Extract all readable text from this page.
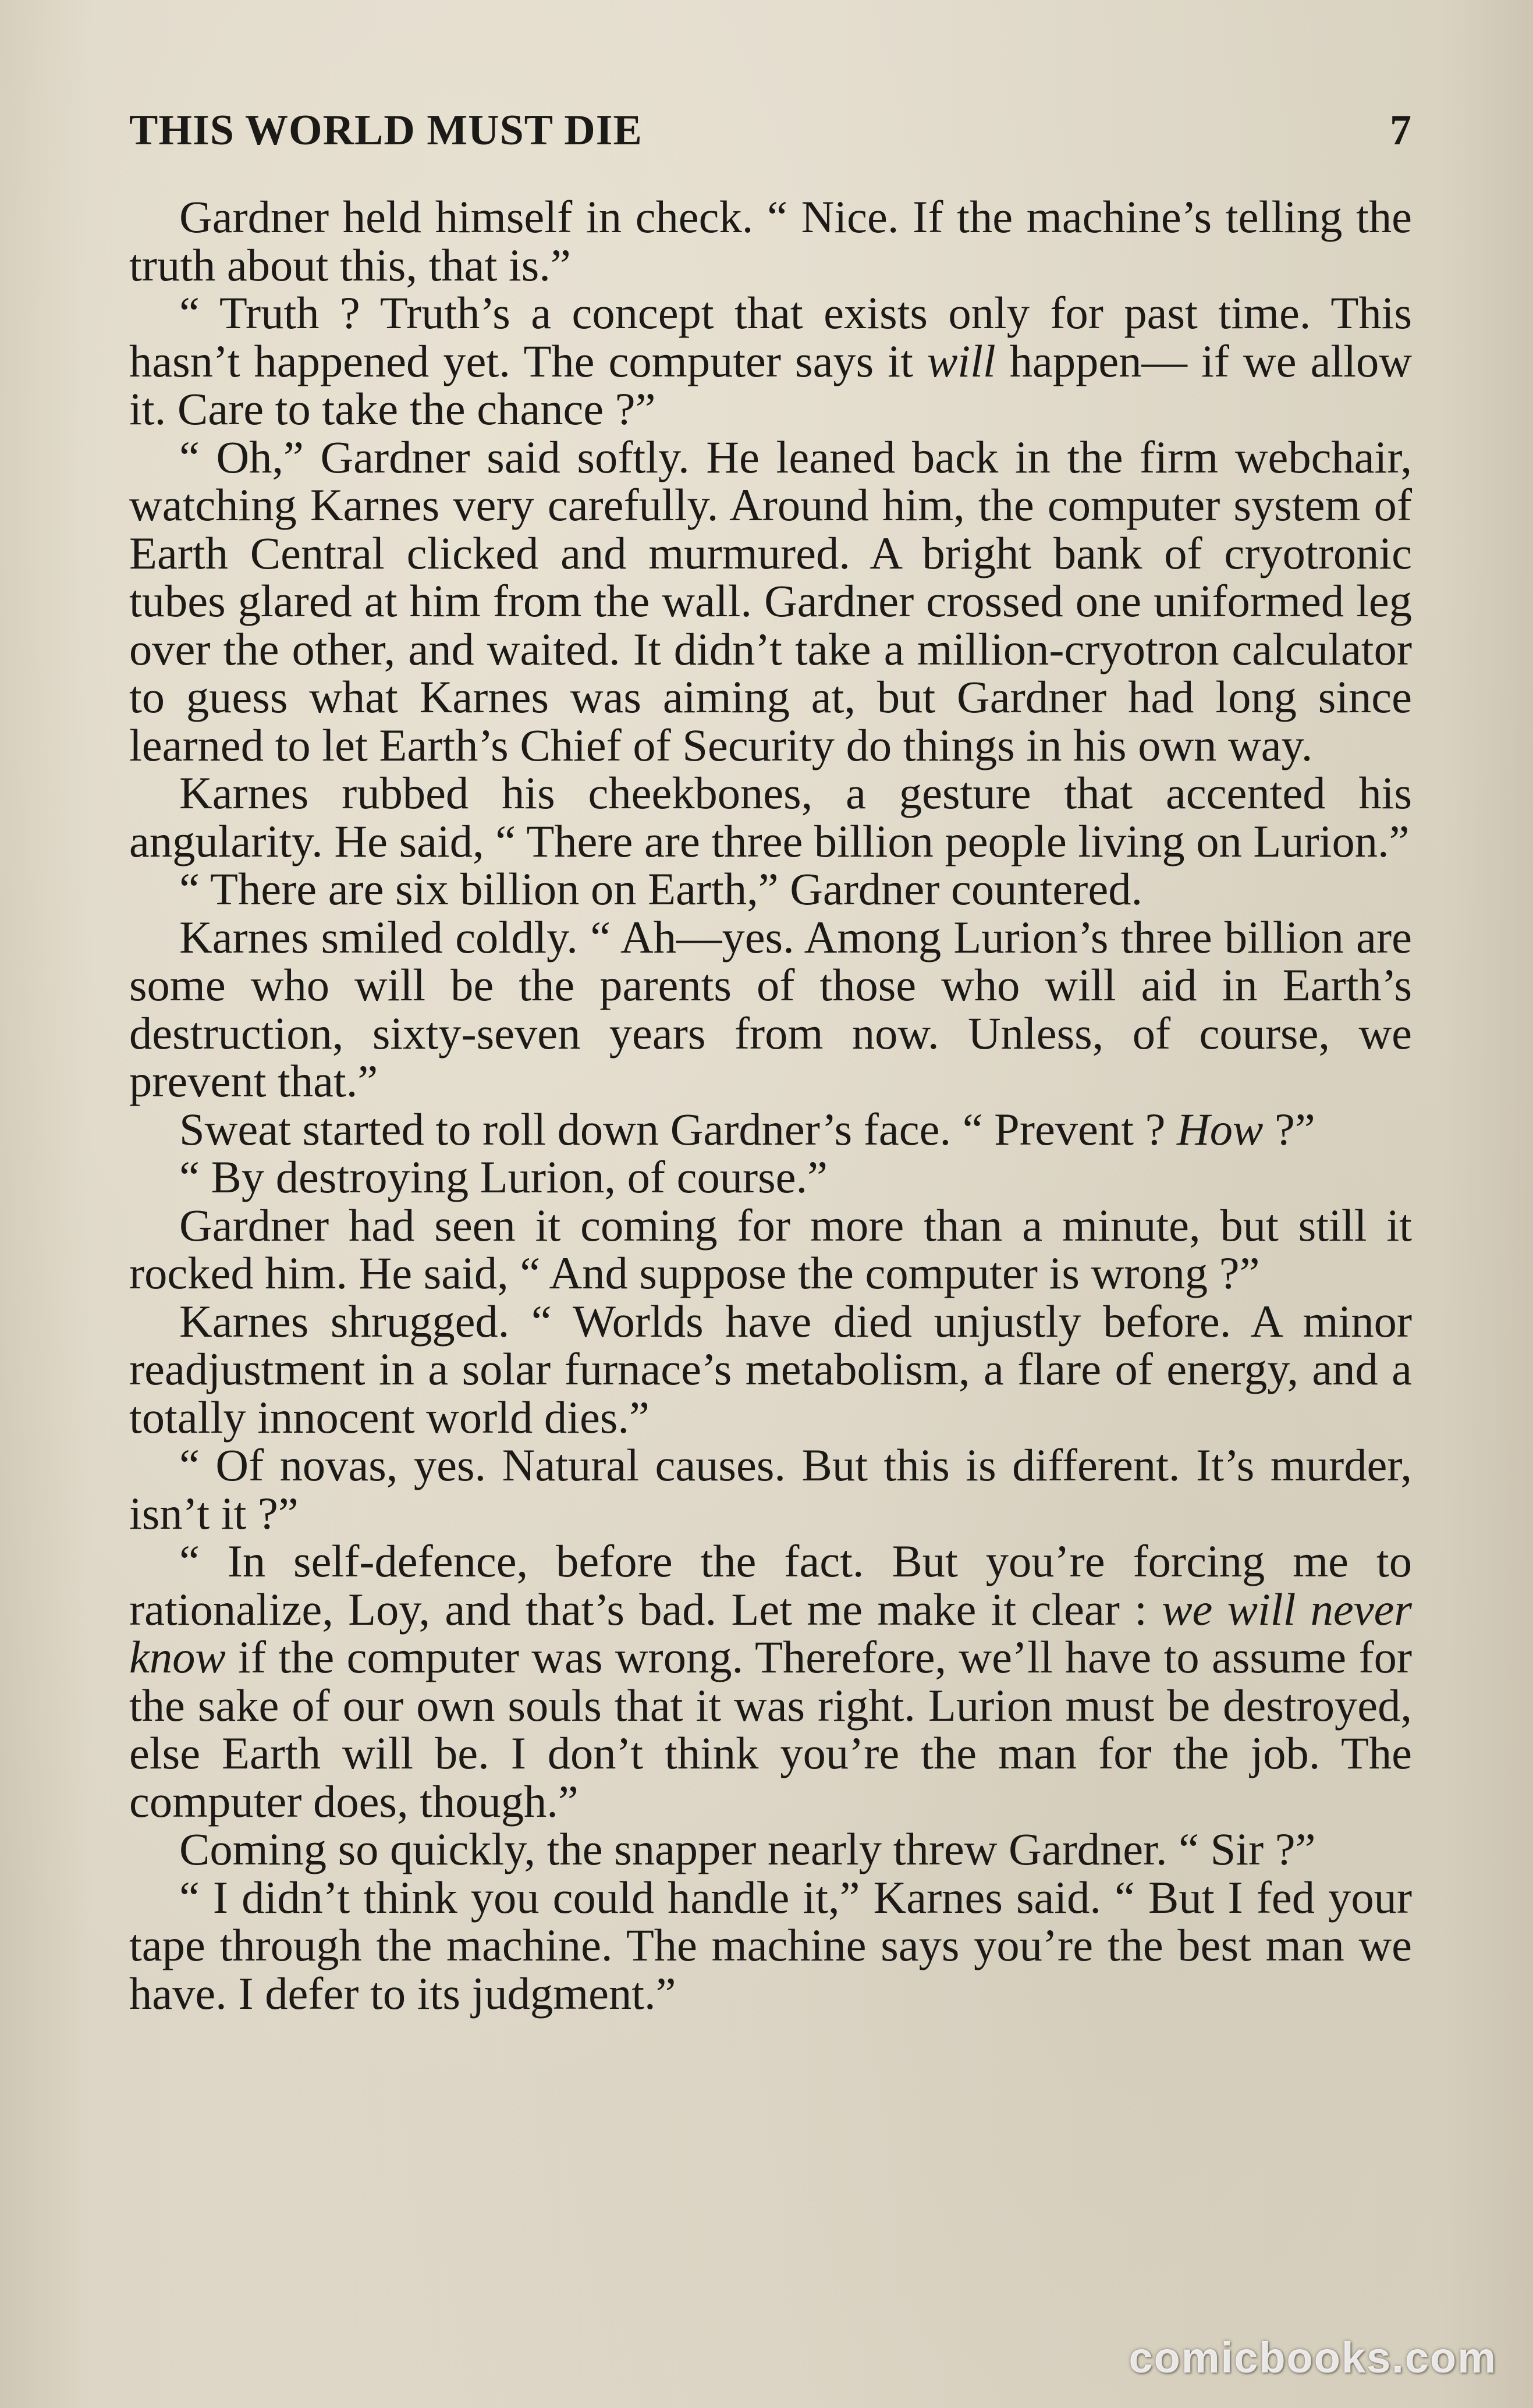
THIS WORLD MUST DIE	7

Gardner held himself in check. “ Nice. If the machine’s telling the truth about this, that is.”

“ Truth ? Truth’s a concept that exists only for past time. This hasn’t happened yet. The computer says it will happen— if we allow it. Care to take the chance ?”

“ Oh,” Gardner said softly. He leaned back in the firm webchair, watching Karnes very carefully. Around him, the computer system of Earth Central clicked and murmured. A bright bank of cryotronic tubes glared at him from the wall. Gardner crossed one uniformed leg over the other, and waited. It didn’t take a million-cryotron calculator to guess what Karnes was aiming at, but Gardner had long since learned to let Earth’s Chief of Security do things in his own way.

Karnes rubbed his cheekbones, a gesture that accented his angularity. He said, “ There are three billion people living on Lurion.”

“ There are six billion on Earth,” Gardner countered.

Karnes smiled coldly. “ Ah—yes. Among Lurion’s three billion are some who will be the parents of those who will aid in Earth’s destruction, sixty-seven years from now. Unless, of course, we prevent that.”

Sweat started to roll down Gardner’s face. “ Prevent ? How ?”

“ By destroying Lurion, of course.”

Gardner had seen it coming for more than a minute, but still it rocked him. He said, “ And suppose the computer is wrong ?”

Karnes shrugged. “ Worlds have died unjustly before. A minor readjustment in a solar furnace’s metabolism, a flare of energy, and a totally innocent world dies.”

“ Of novas, yes. Natural causes. But this is different. It’s murder, isn’t it ?”

“ In self-defence, before the fact. But you’re forcing me to rationalize, Loy, and that’s bad. Let me make it clear : we will never know if the computer was wrong. Therefore, we’ll have to assume for the sake of our own souls that it was right. Lurion must be destroyed, else Earth will be. I don’t think you’re the man for the job. The computer does, though.”

Coming so quickly, the snapper nearly threw Gardner. “ Sir ?”

“ I didn’t think you could handle it,” Karnes said. “ But I fed your tape through the machine. The machine says you’re the best man we have. I defer to its judgment.”

comicbooks.com
